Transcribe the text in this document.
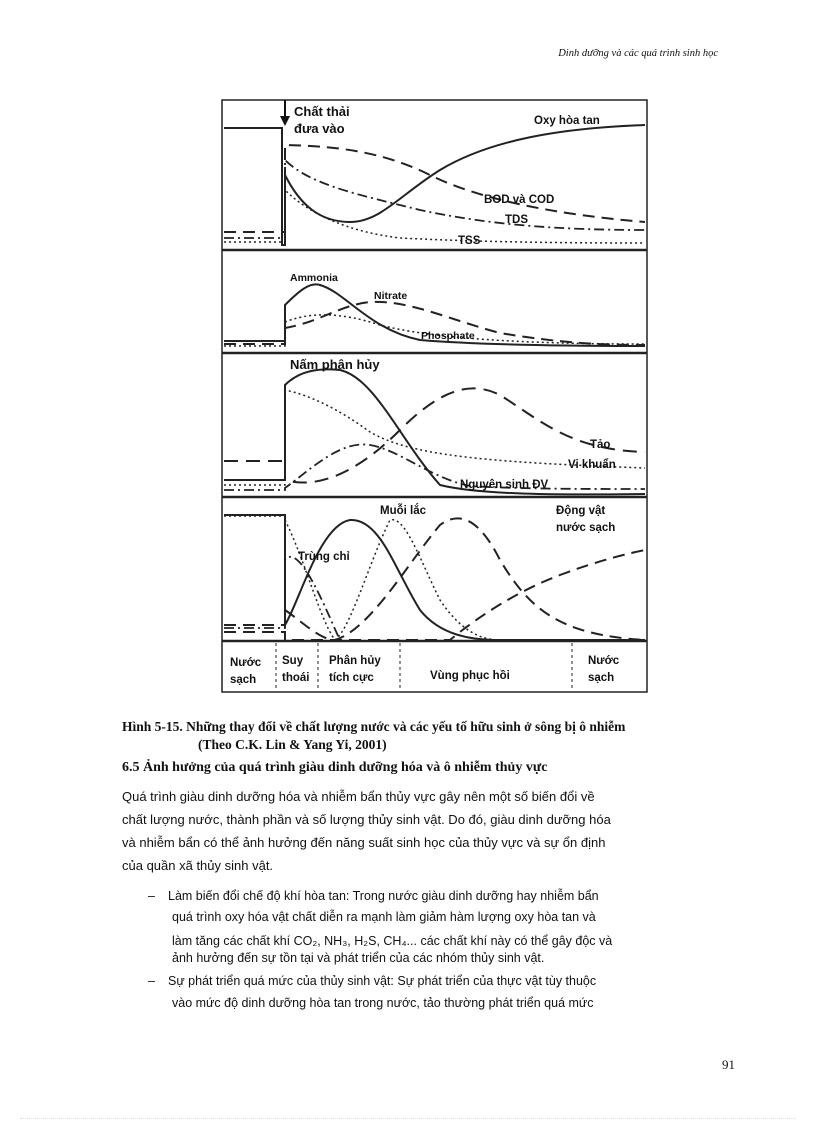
Dinh dưỡng và các quá trình sinh học
Chất thải
đưa vào	Oxy hòa tan
BOD và COD
TDS
TSS
Ammonia
Nitrate
Phosphate
Nấm phân hủy
Tảo
Vi khuẩn
Nguyên sinh ĐV
Trùng chỉ
Muỗi lắc	Động vật
nước sạch
Nước
sạch
Suy
thoái
Phân hủy
tích cực	Vùng phục hồi
Nước
sạch
Hình 5-15. Những thay đổi về chất lượng nước và các yếu tố hữu sinh ở sông bị ô nhiễm
(Theo C.K. Lin & Yang Yi, 2001)
6.5 Ảnh hưởng của quá trình giàu dinh dưỡng hóa và ô nhiễm thủy vực

Quá trình giàu dinh dưỡng hóa và nhiễm bẩn thủy vực gây nên một số biến đổi về

chất lượng nước, thành phần và số lượng thủy sinh vật. Do đó, giàu dinh dưỡng hóa

và nhiễm bẩn có thể ảnh hưởng đến năng suất sinh học của thủy vực và sự ổn định

của quần xã thủy sinh vật.

– Làm biến đổi chế độ khí hòa tan: Trong nước giàu dinh dưỡng hay nhiễm bẩn
quá trình oxy hóa vật chất diễn ra mạnh làm giảm hàm lượng oxy hòa tan và
làm tăng các chất khí CO₂, NH₃, H₂S, CH₄... các chất khí này có thể gây độc và
ảnh hưởng đến sự tồn tại và phát triển của các nhóm thủy sinh vật.
– Sự phát triển quá mức của thủy sinh vật: Sự phát triển của thực vật tùy thuộc
vào mức độ dinh dưỡng hòa tan trong nước, tảo thường phát triển quá mức
91
